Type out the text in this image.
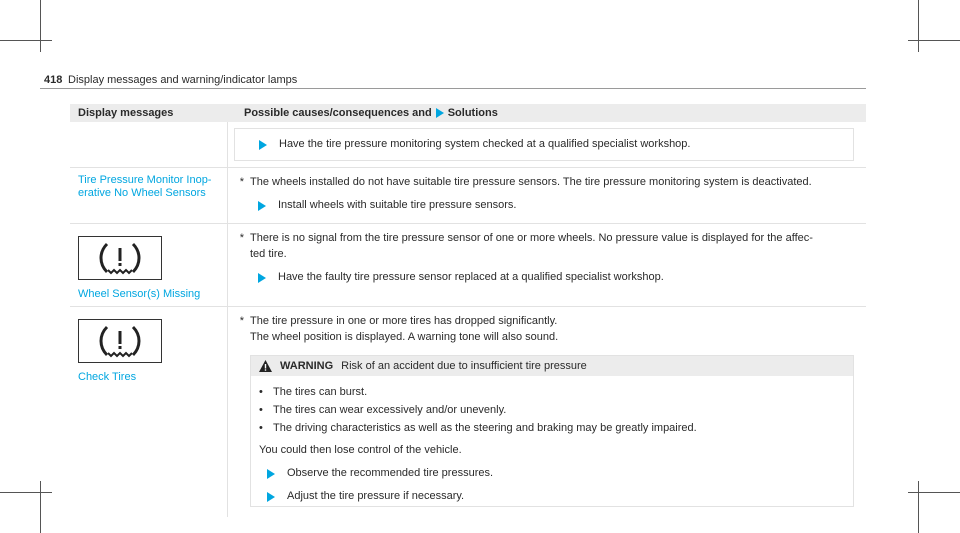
418 Display messages and warning/indicator lamps
Display messages	Possible causes/consequences and Solutions
Have the tire pressure monitoring system checked at a qualified specialist workshop.
Tire Pressure Monitor Inop-erative No Wheel Sensors
* The wheels installed do not have suitable tire pressure sensors. The tire pressure monitoring system is deactivated.
Install wheels with suitable tire pressure sensors.
Wheel Sensor(s) Missing
* There is no signal from the tire pressure sensor of one or more wheels. No pressure value is displayed for the affec-
ted tire.
Have the faulty tire pressure sensor replaced at a qualified specialist workshop.
Check Tires
* The tire pressure in one or more tires has dropped significantly.
The wheel position is displayed. A warning tone will also sound.
WARNING Risk of an accident due to insufficient tire pressure
•
The tires can burst.
•
The tires can wear excessively and/or unevenly.
•
The driving characteristics as well as the steering and braking may be greatly impaired.
You could then lose control of the vehicle.
Observe the recommended tire pressures.
Adjust the tire pressure if necessary.
